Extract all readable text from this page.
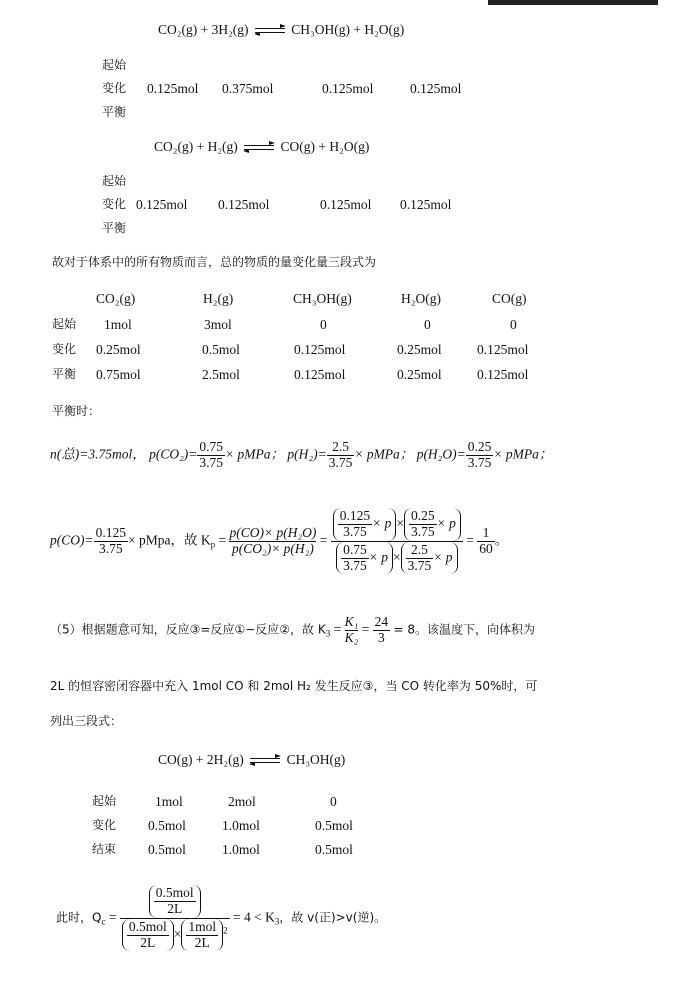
CO₂(g) + 3H₂(g)	CH₃OH(g) + H₂O(g)
起始
变化 0.125mol 0.375mol	0.125mol	0.125mol
平衡
CO₂(g) + H₂(g)	CO(g) + H₂O(g)
起始
变化 0.125mol 0.125mol	0.125mol 0.125mol
平衡
故对于体系中的所有物质而言，总的物质的量变化量三段式为
CO₂(g)	H₂(g)	CH₃OH(g)	H₂O(g)	CO(g)
起始 1mol	3mol	0	0	0
变化 0.25mol	0.5mol	0.125mol	0.25mol	0.125mol
平衡 0.75mol	2.5mol	0.125mol	0.25mol	0.125mol
平衡时：
n(总)=3.75mol， $p(CO_2)= \frac{0.75}{3.75}$ × pMPa； $p(H_2)= \frac{2.5}{3.75}$ × pMPa； $p(H_2O)= \frac{0.25}{3.75}$ × pMPa；
$p(CO)= \frac{0.125}{3.75}$ × pMpa，故 $K_p = \frac{\text{p(CO)× p(H₂O)}}{\text{p(CO₂)× p(H₂)}} = \frac{\frac{0.125}{3.75} \times p \times \frac{0.25}{3.75} \times p}{\frac{0.75}{3.75} \times p \times \frac{2.5}{3.75} \times p} = \frac{1}{60}$ 。
（5）根据题意可知，反应③=反应①−反应②，故 $K_3 = \frac{\text{K₁}}{\text{K₂}} = \frac{24}{3} = 8$。该温度下，向体积为
2L 的恒容密闭容器中充入 1mol CO 和 2mol H₂ 发生反应③，当 CO 转化率为 50%时，可
列出三段式：
CO(g) + 2H₂(g)	CH₃OH(g)
起始	1mol	2mol	0
变化 0.5mol	1.0mol	0.5mol
结束 0.5mol	1.0mol	0.5mol
此时，$Q_c = \frac{\frac{\text{0.5mol}}{2L}}{\frac{\text{0.5mol}}{2L} \times \frac{\text{1mol}}{2L} ^2} = 4 < K_3$，故 v(正)>v(逆)。
